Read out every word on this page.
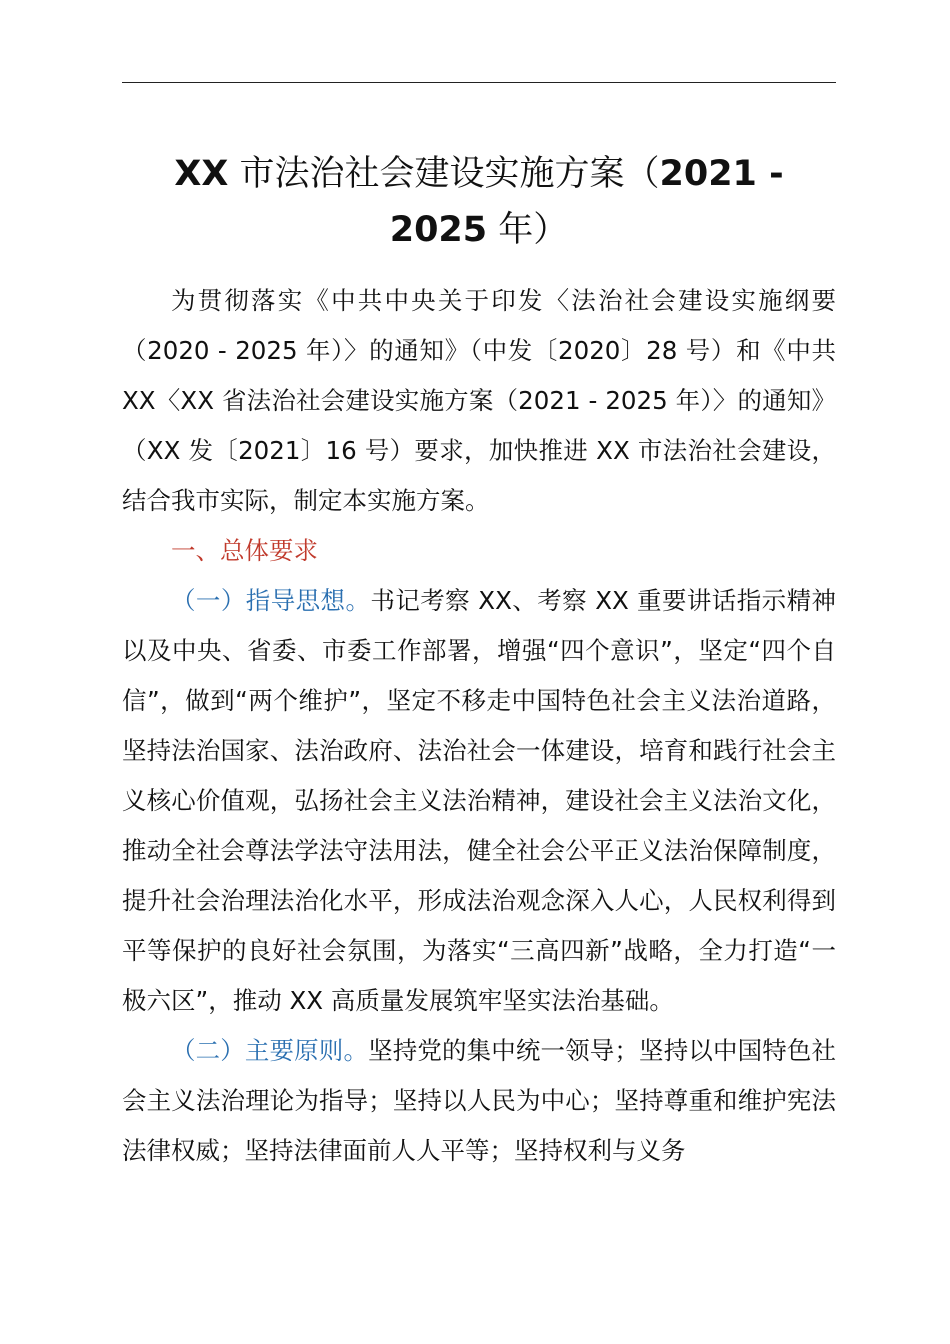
XX 市法治社会建设实施方案（2021 - 2025 年）

为贯彻落实《中共中央关于印发〈法治社会建设实施纲要（2020 - 2025 年）〉的通知》（中发〔2020〕28 号）和《中共 XX〈XX 省法治社会建设实施方案（2021 - 2025 年）〉的通知》（XX 发〔2021〕16 号）要求，加快推进 XX 市法治社会建设，结合我市实际，制定本实施方案。

一、总体要求

（一）指导思想。书记考察 XX、考察 XX 重要讲话指示精神以及中央、省委、市委工作部署，增强“四个意识”，坚定“四个自信”，做到“两个维护”，坚定不移走中国特色社会主义法治道路，坚持法治国家、法治政府、法治社会一体建设，培育和践行社会主义核心价值观，弘扬社会主义法治精神，建设社会主义法治文化，推动全社会尊法学法守法用法，健全社会公平正义法治保障制度，提升社会治理法治化水平，形成法治观念深入人心，人民权利得到平等保护的良好社会氛围，为落实“三高四新”战略，全力打造“一极六区”，推动 XX 高质量发展筑牢坚实法治基础。

（二）主要原则。坚持党的集中统一领导；坚持以中国特色社会主义法治理论为指导；坚持以人民为中心；坚持尊重和维护宪法法律权威；坚持法律面前人人平等；坚持权利与义务
